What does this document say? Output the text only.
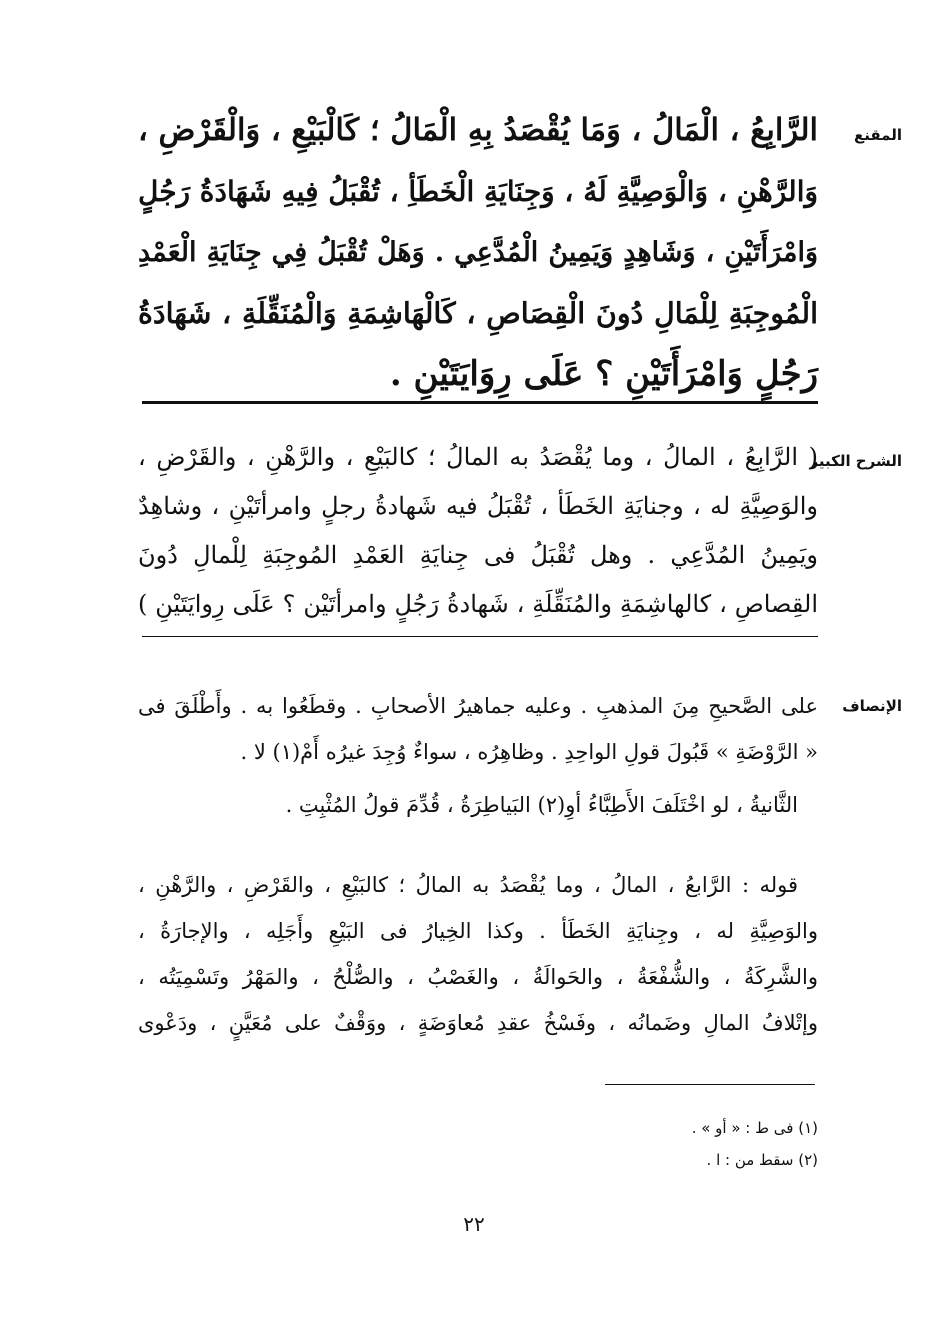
المقنع
الرَّابِعُ ، الْمَالُ ، وَمَا يُقْصَدُ بِهِ الْمَالُ ؛ كَالْبَيْعِ ، وَالْقَرْضِ ،
وَالرَّهْنِ ، وَالْوَصِيَّةِ لَهُ ، وَجِنَايَةِ الْخَطَأِ ، تُقْبَلُ فِيهِ شَهَادَةُ رَجُلٍ
وَامْرَأَتَيْنِ ، وَشَاهِدٍ وَيَمِينُ الْمُدَّعِي . وَهَلْ تُقْبَلُ فِي جِنَايَةِ الْعَمْدِ
الْمُوجِبَةِ لِلْمَالِ دُونَ الْقِصَاصِ ، كَالْهَاشِمَةِ وَالْمُنَقِّلَةِ ، شَهَادَةُ
رَجُلٍ وَامْرَأَتَيْنِ ؟ عَلَى رِوَايَتَيْنِ .
الشرح الكبير
( الرَّابِعُ ، المالُ ، وما يُقْصَدُ به المالُ ؛ كالبَيْعِ ، والرَّهْنِ ، والقَرْضِ ،
والوَصِيَّةِ له ، وجنايَةِ الخَطَأ ، تُقْبَلُ فيه شَهادةُ رجلٍ وامرأتَيْنِ ، وشاهِدٌ
ويَمِينُ المُدَّعِي . وهل تُقْبَلُ فى جِنايَةِ العَمْدِ المُوجِبَةِ لِلْمالِ دُونَ
القِصاصِ ، كالهاشِمَةِ والمُنَقِّلَةِ ، شَهادةُ رَجُلٍ وامرأتَيْن ؟ عَلَى رِوايَتَيْنِ )
الإنصاف
على الصَّحيحِ مِنَ المذهبِ . وعليه جماهيرُ الأصحابِ . وقطَعُوا به . وأَطْلَقَ فى
« الرَّوْضَةِ » قَبُولَ قولِ الواحِدِ . وظاهِرُه ، سواءٌ وُجِدَ غيرُه أَمْ(١) لا .
الثَّانيةُ ، لو اخْتَلَفَ الأَطِبَّاءُ أوِ(٢) البَياطِرَةُ ، قُدِّمَ قولُ المُثْبِتِ .
قوله : الرَّابعُ ، المالُ ، وما يُقْصَدُ به المالُ ؛ كالبَيْعِ ، والقَرْضِ ، والرَّهْنِ ،
والوَصِيَّةِ له ، وجِنايَةِ الخَطَأ . وكذا الخِيارُ فى البَيْعِ وأَجَلِه ، والإجارَةُ ،
والشَّرِكَةُ ، والشُّفْعَةُ ، والحَوالَةُ ، والغَصْبُ ، والصُّلْحُ ، والمَهْرُ وتَسْمِيَتُه ،
وإتْلافُ المالِ وضَمانُه ، وفَسْخُ عقدِ مُعاوَضَةٍ ، ووَقْفٌ على مُعَيَّنٍ ، ودَعْوى
(١) فى ط : « أو » .
(٢) سقط من : ا .
٢٢
